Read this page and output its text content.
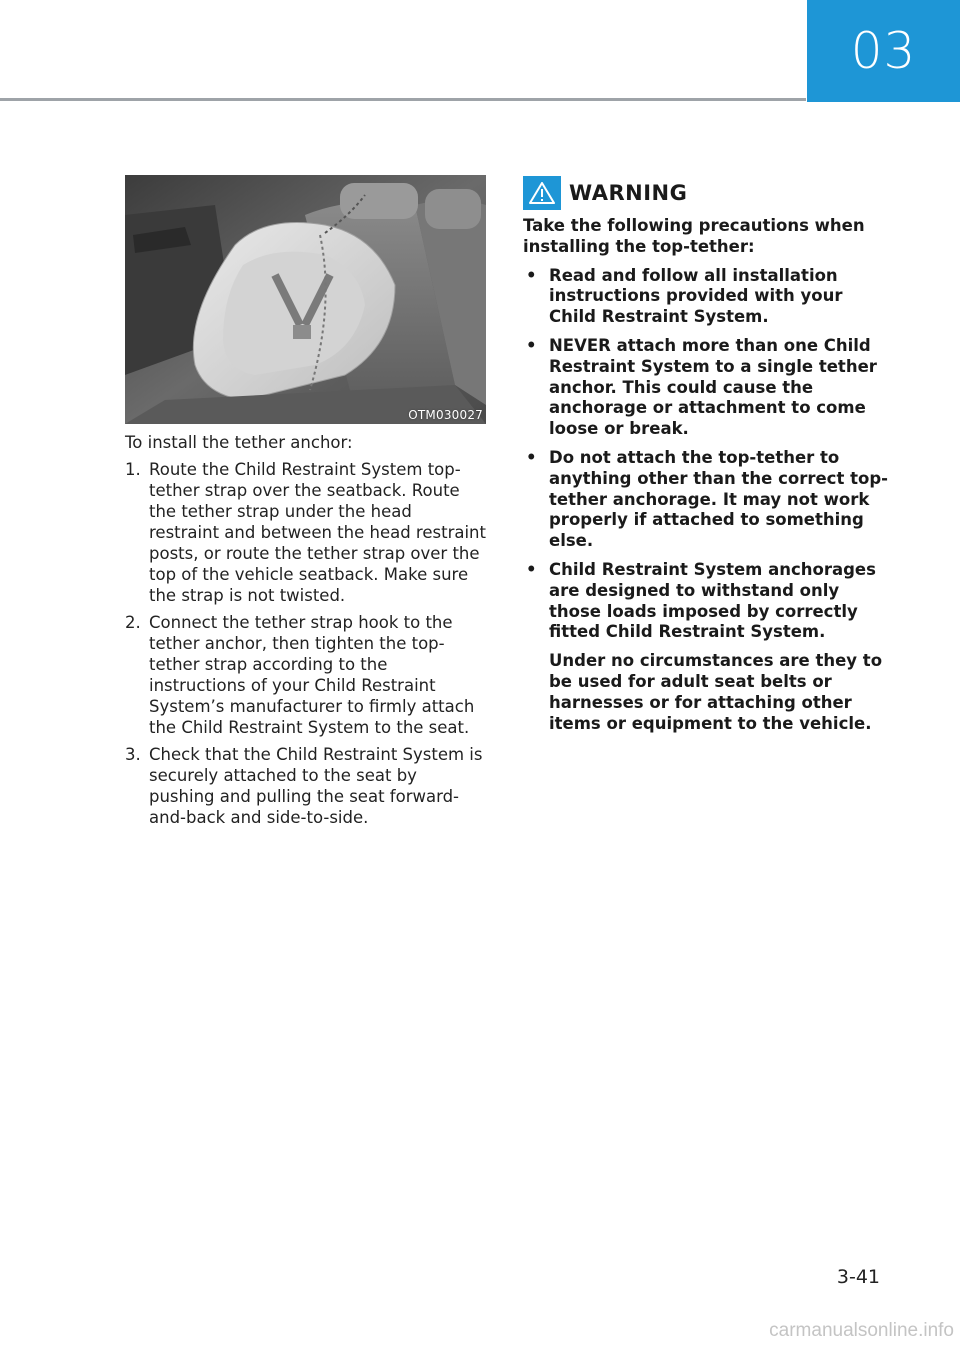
03
OTM030027

To install the tether anchor:

1. Route the Child Restraint System top-tether strap over the seatback. Route the tether strap under the head restraint and between the head restraint posts, or route the tether strap over the top of the vehicle seatback. Make sure the strap is not twisted.
2. Connect the tether strap hook to the tether anchor, then tighten the top-tether strap according to the instructions of your Child Restraint System’s manufacturer to firmly attach the Child Restraint System to the seat.
3. Check that the Child Restraint System is securely attached to the seat by pushing and pulling the seat forward-and-back and side-to-side.
WARNING

Take the following precautions when installing the top-tether:

• Read and follow all installation instructions provided with your Child Restraint System.
• NEVER attach more than one Child Restraint System to a single tether anchor. This could cause the anchorage or attachment to come loose or break.
• Do not attach the top-tether to anything other than the correct top-tether anchorage. It may not work properly if attached to something else.
• Child Restraint System anchorages are designed to withstand only those loads imposed by correctly fitted Child Restraint System.

Under no circumstances are they to be used for adult seat belts or harnesses or for attaching other items or equipment to the vehicle.

3-41
carmanualsonline.info
